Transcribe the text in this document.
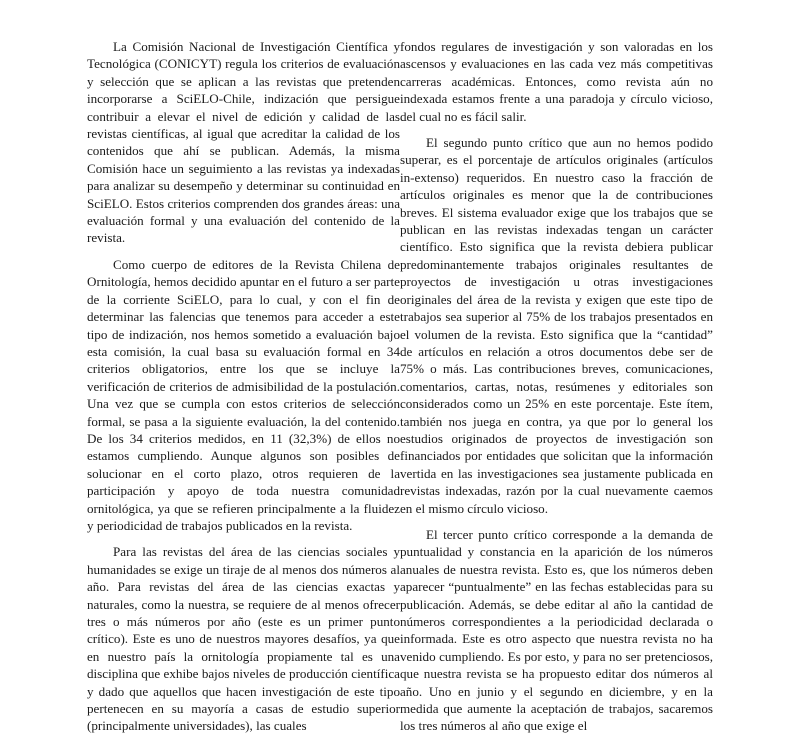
La Comisión Nacional de Investigación Científica y Tecnológica (CONICYT) regula los criterios de evaluación y selección que se aplican a las revistas que pretenden incorporarse a SciELO-Chile, indización que persigue contribuir a elevar el nivel de edición y calidad de las revistas científicas, al igual que acreditar la calidad de los contenidos que ahí se publican. Además, la misma Comisión hace un seguimiento a las revistas ya indexadas para analizar su desempeño y determinar su continuidad en SciELO. Estos criterios comprenden dos grandes áreas: una evaluación formal y una evaluación del contenido de la revista.

Como cuerpo de editores de la Revista Chilena de Ornitología, hemos decidido apuntar en el futuro a ser parte de la corriente SciELO, para lo cual, y con el fin de determinar las falencias que tenemos para acceder a este tipo de indización, nos hemos sometido a evaluación bajo esta comisión, la cual basa su evaluación formal en 34 criterios obligatorios, entre los que se incluye la verificación de criterios de admisibilidad de la postulación. Una vez que se cumpla con estos criterios de selección formal, se pasa a la siguiente evaluación, la del contenido. De los 34 criterios medidos, en 11 (32,3%) de ellos no estamos cumpliendo. Aunque algunos son posibles de solucionar en el corto plazo, otros requieren de la participación y apoyo de toda nuestra comunidad ornitológica, ya que se refieren principalmente a la fluidez y periodicidad de trabajos publicados en la revista.

Para las revistas del área de las ciencias sociales y humanidades se exige un tiraje de al menos dos números al año. Para revistas del área de las ciencias exactas y naturales, como la nuestra, se requiere de al menos ofrecer tres o más números por año (este es un primer punto crítico). Este es uno de nuestros mayores desafíos, ya que en nuestro país la ornitología propiamente tal es una disciplina que exhibe bajos niveles de producción científica y dado que aquellos que hacen investigación de este tipo pertenecen en su mayoría a casas de estudio superior (principalmente universidades), las cuales

fondos regulares de investigación y son valoradas en los ascensos y evaluaciones en las cada vez más competitivas carreras académicas. Entonces, como revista aún no indexada estamos frente a una paradoja y círculo vicioso, del cual no es fácil salir.

El segundo punto crítico que aun no hemos podido superar, es el porcentaje de artículos originales (artículos in-extenso) requeridos. En nuestro caso la fracción de artículos originales es menor que la de contribuciones breves. El sistema evaluador exige que los trabajos que se publican en las revistas indexadas tengan un carácter científico. Esto significa que la revista debiera publicar predominantemente trabajos originales resultantes de proyectos de investigación u otras investigaciones originales del área de la revista y exigen que este tipo de trabajos sea superior al 75% de los trabajos presentados en el volumen de la revista. Esto significa que la “cantidad” de artículos en relación a otros documentos debe ser de 75% o más. Las contribuciones breves, comunicaciones, comentarios, cartas, notas, resúmenes y editoriales son considerados como un 25% en este porcentaje. Este ítem, también nos juega en contra, ya que por lo general los estudios originados de proyectos de investigación son financiados por entidades que solicitan que la información vertida en las investigaciones sea justamente publicada en revistas indexadas, razón por la cual nuevamente caemos en el mismo círculo vicioso.

El tercer punto crítico corresponde a la demanda de puntualidad y constancia en la aparición de los números anuales de nuestra revista. Esto es, que los números deben aparecer “puntualmente” en las fechas establecidas para su publicación. Además, se debe editar al año la cantidad de números correspondientes a la periodicidad declarada o informada. Este es otro aspecto que nuestra revista no ha venido cumpliendo. Es por esto, y para no ser pretenciosos, que nuestra revista se ha propuesto editar dos números al año. Uno en junio y el segundo en diciembre, y en la medida que aumente la aceptación de trabajos, sacaremos los tres números al año que exige el
